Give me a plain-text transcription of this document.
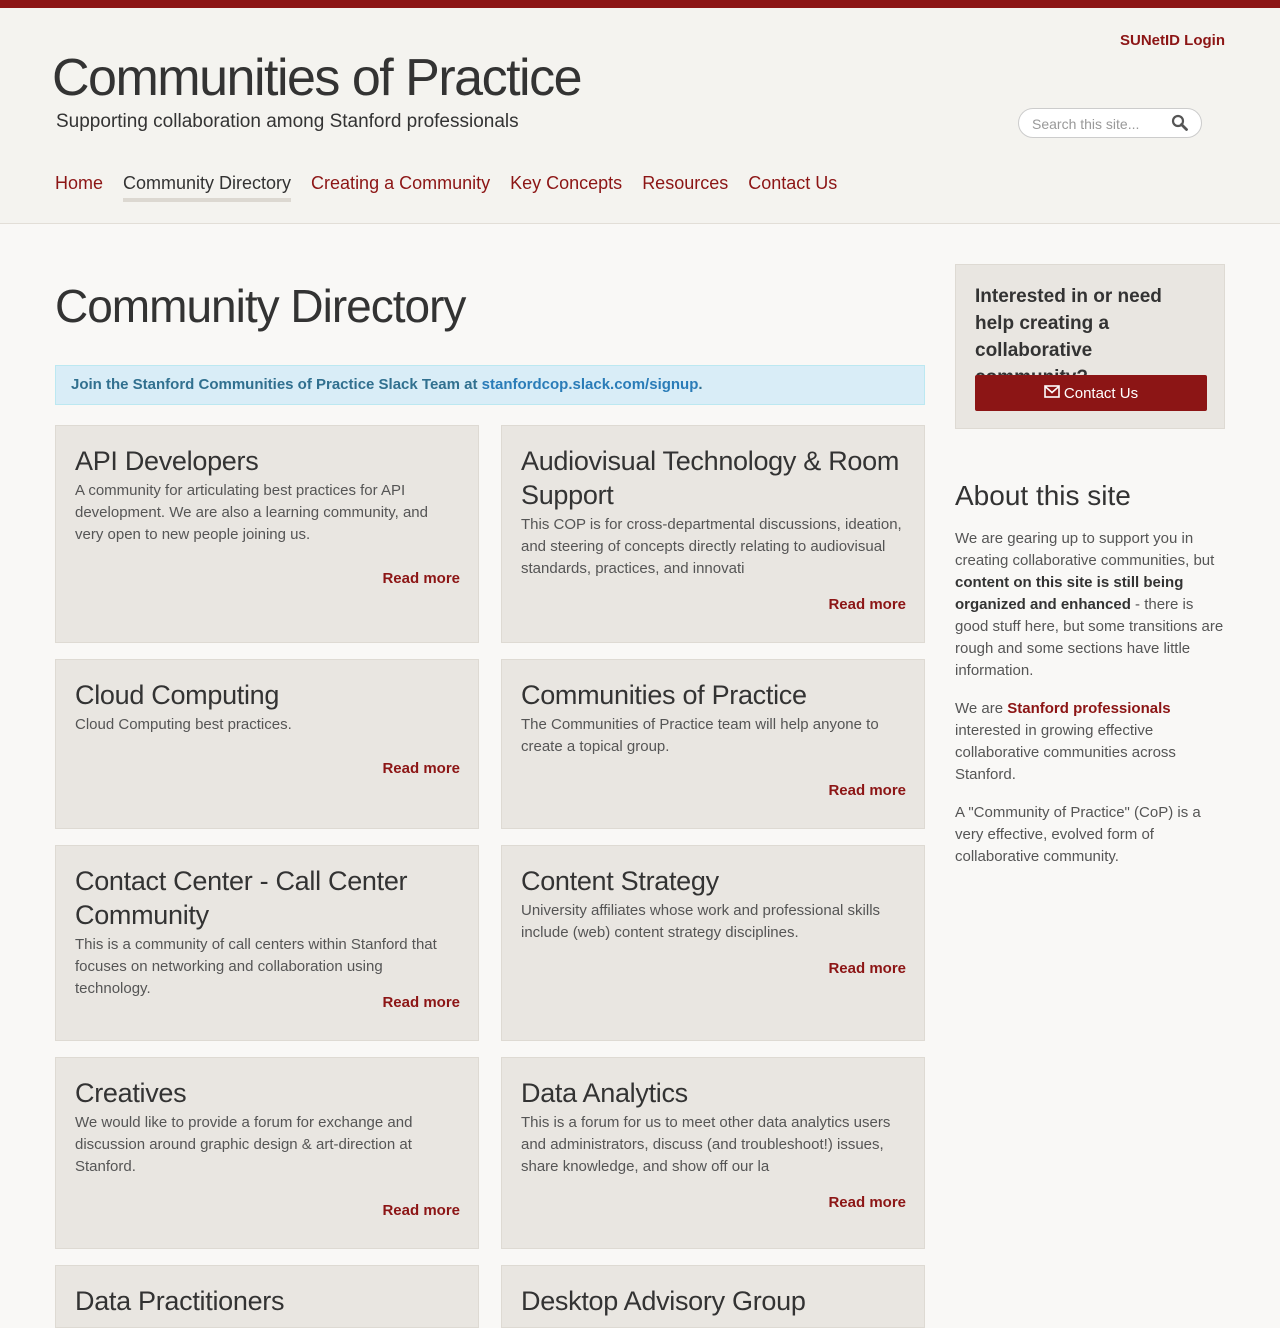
SUNetID Login
Communities of Practice
Supporting collaboration among Stanford professionals
Search this site...
Home Community Directory Creating a Community Key Concepts Resources Contact Us
Community Directory
Join the Stanford Communities of Practice Slack Team at stanfordcop.slack.com/signup.
API Developers

A community for articulating best practices for API development. We are also a learning community, and very open to new people joining us.

Read more
Audiovisual Technology & Room Support

This COP is for cross-departmental discussions, ideation, and steering of concepts directly relating to audiovisual standards, practices, and innovati

Read more
Cloud Computing

Cloud Computing best practices.

Read more
Communities of Practice

The Communities of Practice team will help anyone to create a topical group.

Read more
Contact Center - Call Center Community

This is a community of call centers within Stanford that focuses on networking and collaboration using technology.

Read more
Content Strategy

University affiliates whose work and professional skills include (web) content strategy disciplines.

Read more
Creatives

We would like to provide a forum for exchange and discussion around graphic design & art-direction at Stanford.

Read more
Data Analytics

This is a forum for us to meet other data analytics users and administrators, discuss (and troubleshoot!) issues, share knowledge, and show off our la

Read more
Data Practitioners	Desktop Advisory Group
Interested in or need help creating a collaborative
Contact Us
About this site

We are gearing up to support you in creating collaborative communities, but content on this site is still being organized and enhanced - there is good stuff here, but some transitions are rough and some sections have little information.

We are Stanford professionals interested in growing effective collaborative communities across Stanford.

A "Community of Practice" (CoP) is a very effective, evolved form of collaborative community.
